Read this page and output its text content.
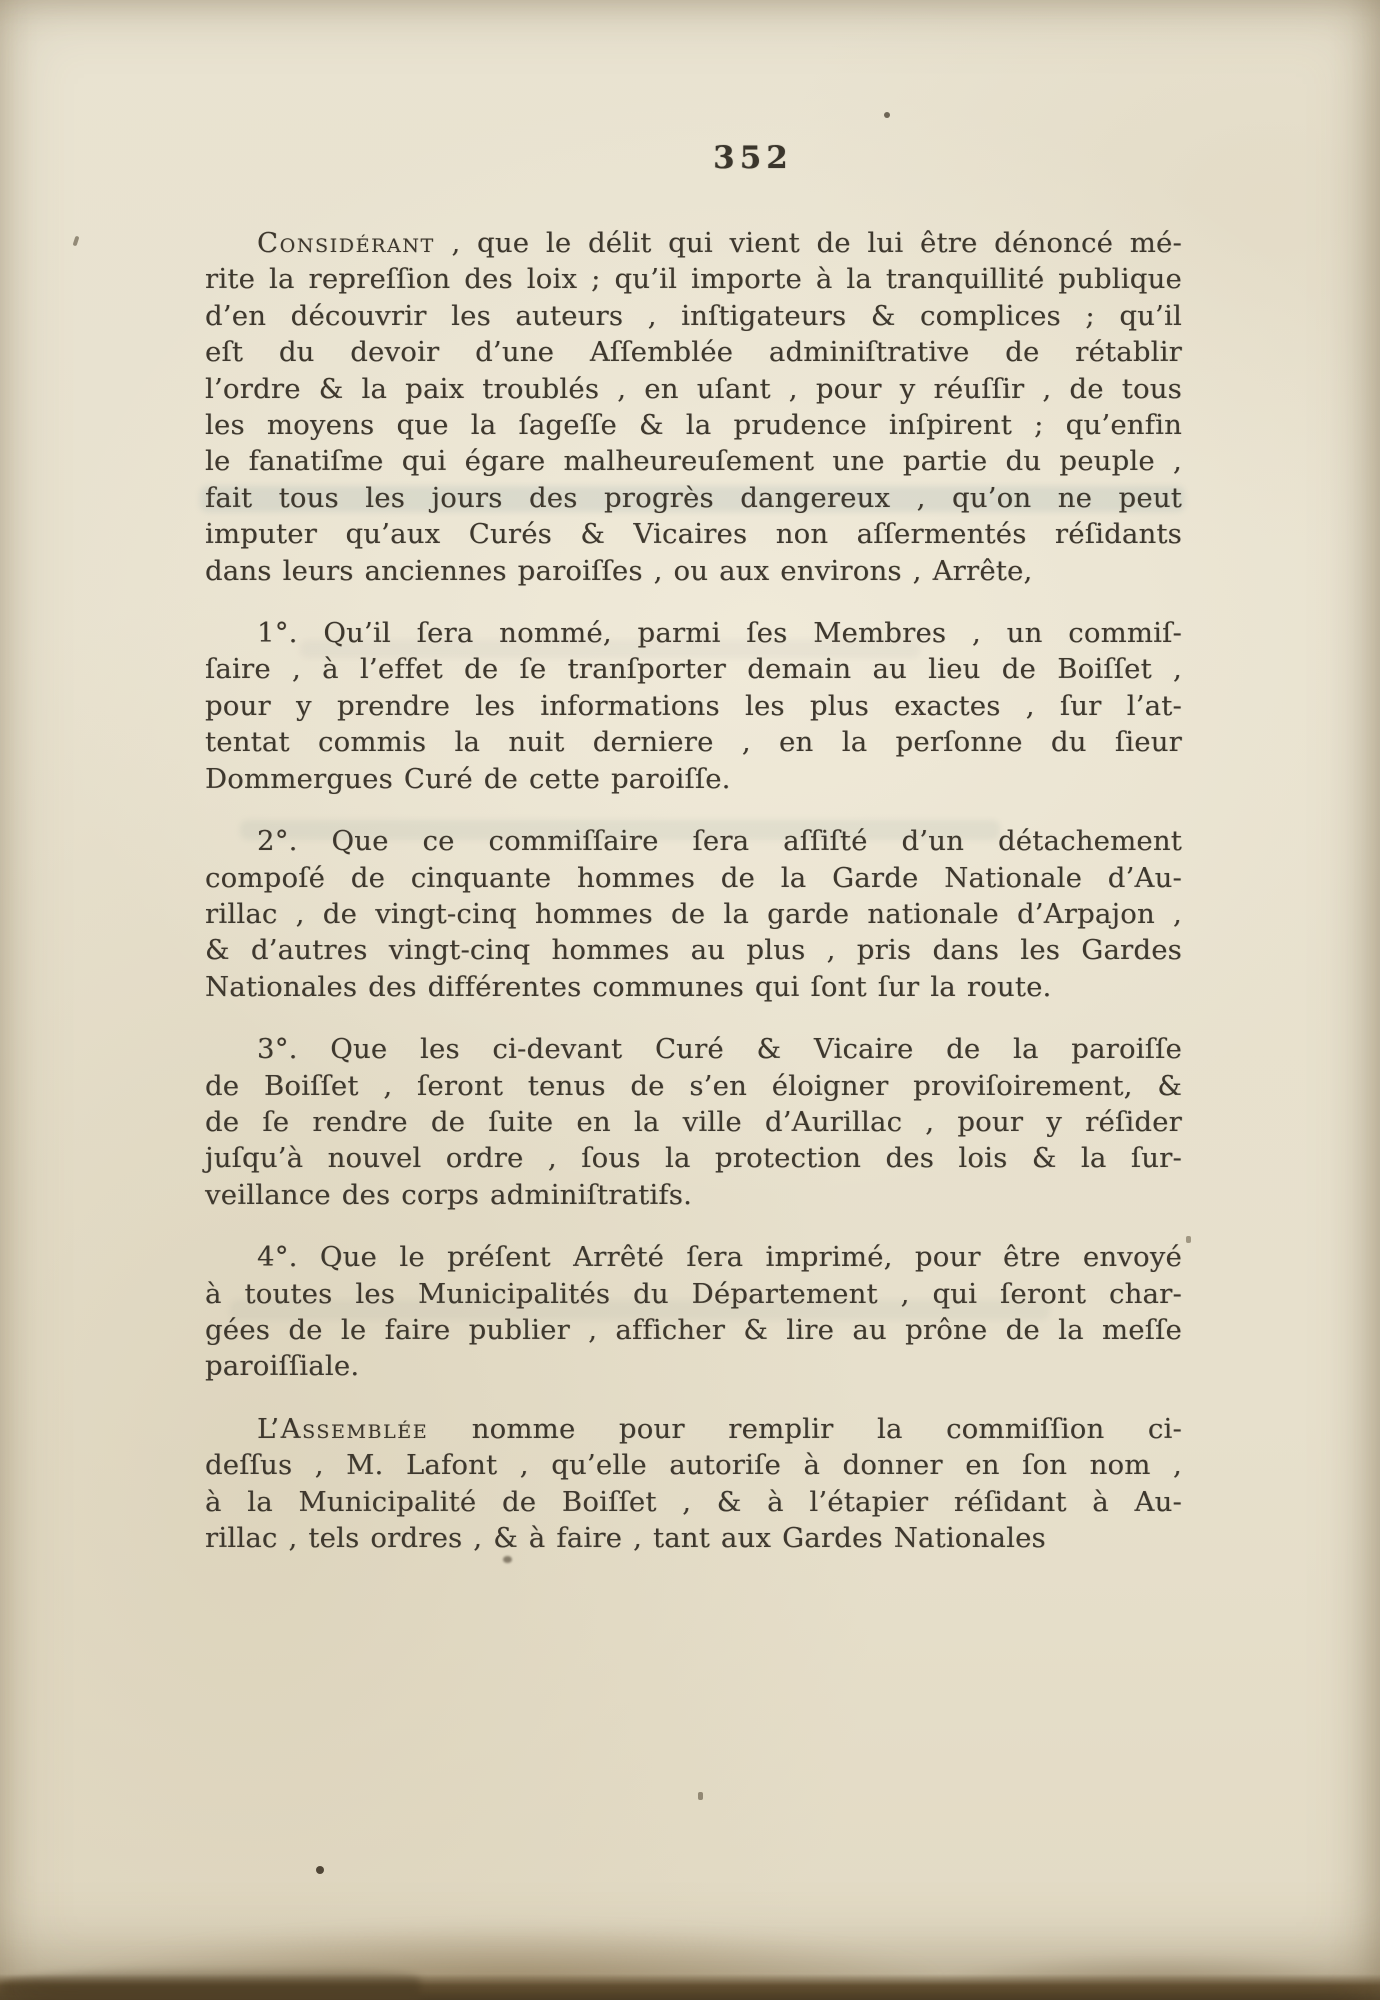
352
Considérant , que le délit qui vient de lui être dénoncé mé-
rite la repreſſion des loix ; qu’il importe à la tranquillité publique
d’en découvrir les auteurs , inſtigateurs & complices ; qu’il
eſt du devoir d’une Aſſemblée adminiſtrative de rétablir
l’ordre & la paix troublés , en uſant , pour y réuſſir , de tous
les moyens que la ſageſſe & la prudence inſpirent ; qu’enfin
le fanatiſme qui égare malheureuſement une partie du peuple ,
fait tous les jours des progrès dangereux , qu’on ne peut
imputer qu’aux Curés & Vicaires non aſſermentés réſidants
dans leurs anciennes paroiſſes , ou aux environs , Arrête,
1°. Qu’il ſera nommé, parmi ſes Membres , un commiſ-
ſaire , à l’effet de ſe tranſporter demain au lieu de Boiſſet ,
pour y prendre les informations les plus exactes , ſur l’at-
tentat commis la nuit derniere , en la perſonne du ſieur
Dommergues Curé de cette paroiſſe.
2°. Que ce commiſſaire ſera aſſiſté d’un détachement
compoſé de cinquante hommes de la Garde Nationale d’Au-
rillac , de vingt-cinq hommes de la garde nationale d’Arpajon ,
& d’autres vingt-cinq hommes au plus , pris dans les Gardes
Nationales des différentes communes qui ſont ſur la route.
3°. Que les ci-devant Curé & Vicaire de la paroiſſe
de Boiſſet , ſeront tenus de s’en éloigner proviſoirement, &
de ſe rendre de ſuite en la ville d’Aurillac , pour y réſider
juſqu’à nouvel ordre , ſous la protection des lois & la ſur-
veillance des corps adminiſtratifs.
4°. Que le préſent Arrêté ſera imprimé, pour être envoyé
à toutes les Municipalités du Département , qui ſeront char-
gées de le faire publier , afficher & lire au prône de la meſſe
paroiſſiale.
L’Assemblée nomme pour remplir la commiſſion ci-
deſſus , M. Lafont , qu’elle autoriſe à donner en ſon nom ,
à la Municipalité de Boiſſet , & à l’étapier réſidant à Au-
rillac , tels ordres , & à faire , tant aux Gardes Nationales
